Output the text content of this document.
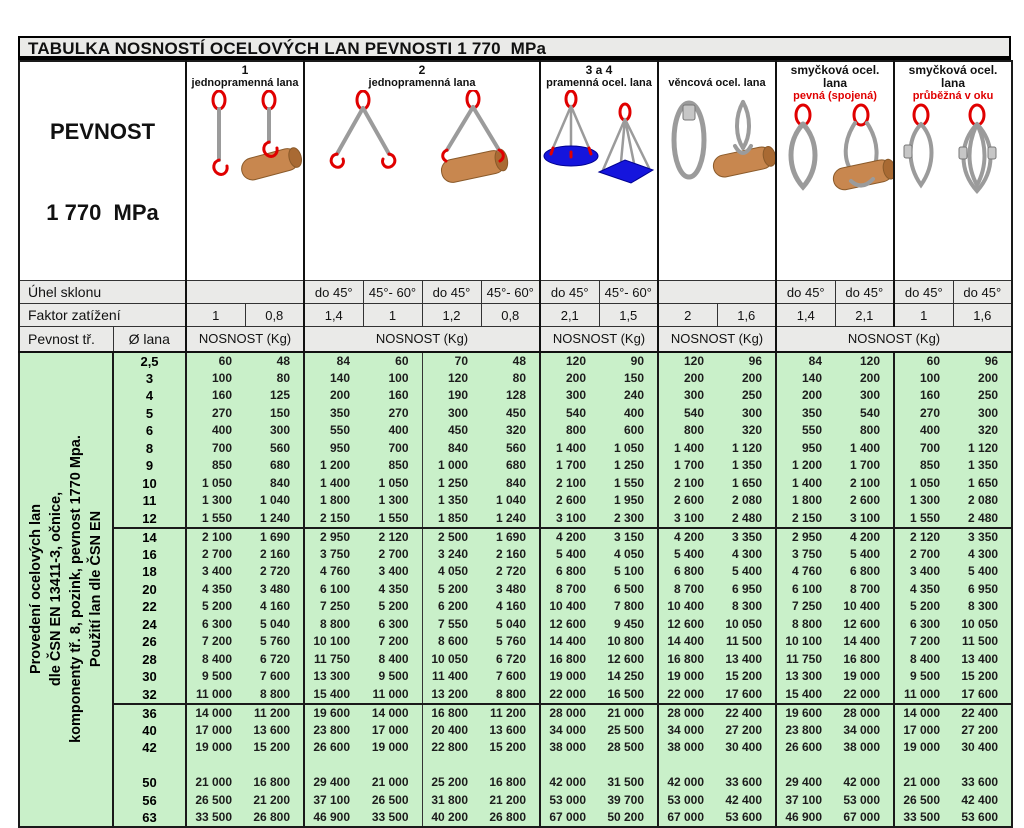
TABULKA NOSNOSTÍ OCELOVÝCH LAN PEVNOSTI 1 770  MPa

PEVNOST

1 770  MPa

1
jednopramenná lana

2
jednopramenná lana

3 a 4
pramenná ocel. lana	věncová ocel. lana

smyčková ocel. lana
pevná (spojená)

smyčková ocel. lana
průběžná v oku

Úhel sklonu				do 45°	45°- 60°	do 45°	45°- 60°	do 45°	45°- 60°			do 45°	do 45°	do 45°	do 45°
Faktor zatížení		1	0,8	1,4	1	1,2	0,8	2,1	1,5	2	1,6	1,4	2,1	1	1,6
Pevnost tř.	Ø lana	NOSNOST (Kg)		NOSNOST (Kg)				NOSNOST (Kg)		NOSNOST (Kg)		NOSNOST (Kg)			

Provedení ocelových lan dle ČSN EN 13411-3, očnice, komponenty tř. 8, pozink, pevnost 1770 Mpa. Použití lan dle ČSN EN	2,5	60	48	84	60	70	48	120	90	120	96	84	120	60	96
	3	100	80	140	100	120	80	200	150	200	200	140	200	100	200
	4	160	125	200	160	190	128	300	240	300	250	200	300	160	250
	5	270	150	350	270	300	450	540	400	540	300	350	540	270	300
	6	400	300	550	400	450	320	800	600	800	320	550	800	400	320
	8	700	560	950	700	840	560	1 400	1 050	1 400	1 120	950	1 400	700	1 120
	9	850	680	1 200	850	1 000	680	1 700	1 250	1 700	1 350	1 200	1 700	850	1 350
	10	1 050	840	1 400	1 050	1 250	840	2 100	1 550	2 100	1 650	1 400	2 100	1 050	1 650
	11	1 300	1 040	1 800	1 300	1 350	1 040	2 600	1 950	2 600	2 080	1 800	2 600	1 300	2 080
	12	1 550	1 240	2 150	1 550	1 850	1 240	3 100	2 300	3 100	2 480	2 150	3 100	1 550	2 480
	14	2 100	1 690	2 950	2 120	2 500	1 690	4 200	3 150	4 200	3 350	2 950	4 200	2 120	3 350
	16	2 700	2 160	3 750	2 700	3 240	2 160	5 400	4 050	5 400	4 300	3 750	5 400	2 700	4 300
	18	3 400	2 720	4 760	3 400	4 050	2 720	6 800	5 100	6 800	5 400	4 760	6 800	3 400	5 400
	20	4 350	3 480	6 100	4 350	5 200	3 480	8 700	6 500	8 700	6 950	6 100	8 700	4 350	6 950
	22	5 200	4 160	7 250	5 200	6 200	4 160	10 400	7 800	10 400	8 300	7 250	10 400	5 200	8 300
	24	6 300	5 040	8 800	6 300	7 550	5 040	12 600	9 450	12 600	10 050	8 800	12 600	6 300	10 050
	26	7 200	5 760	10 100	7 200	8 600	5 760	14 400	10 800	14 400	11 500	10 100	14 400	7 200	11 500
	28	8 400	6 720	11 750	8 400	10 050	6 720	16 800	12 600	16 800	13 400	11 750	16 800	8 400	13 400
	30	9 500	7 600	13 300	9 500	11 400	7 600	19 000	14 250	19 000	15 200	13 300	19 000	9 500	15 200
	32	11 000	8 800	15 400	11 000	13 200	8 800	22 000	16 500	22 000	17 600	15 400	22 000	11 000	17 600
	36	14 000	11 200	19 600	14 000	16 800	11 200	28 000	21 000	28 000	22 400	19 600	28 000	14 000	22 400
	40	17 000	13 600	23 800	17 000	20 400	13 600	34 000	25 500	34 000	27 200	23 800	34 000	17 000	27 200
	42	19 000	15 200	26 600	19 000	22 800	15 200	38 000	28 500	38 000	30 400	26 600	38 000	19 000	30 400

	50	21 000	16 800	29 400	21 000	25 200	16 800	42 000	31 500	42 000	33 600	29 400	42 000	21 000	33 600
	56	26 500	21 200	37 100	26 500	31 800	21 200	53 000	39 700	53 000	42 400	37 100	53 000	26 500	42 400
	63	33 500	26 800	46 900	33 500	40 200	26 800	67 000	50 200	67 000	53 600	46 900	67 000	33 500	53 600
